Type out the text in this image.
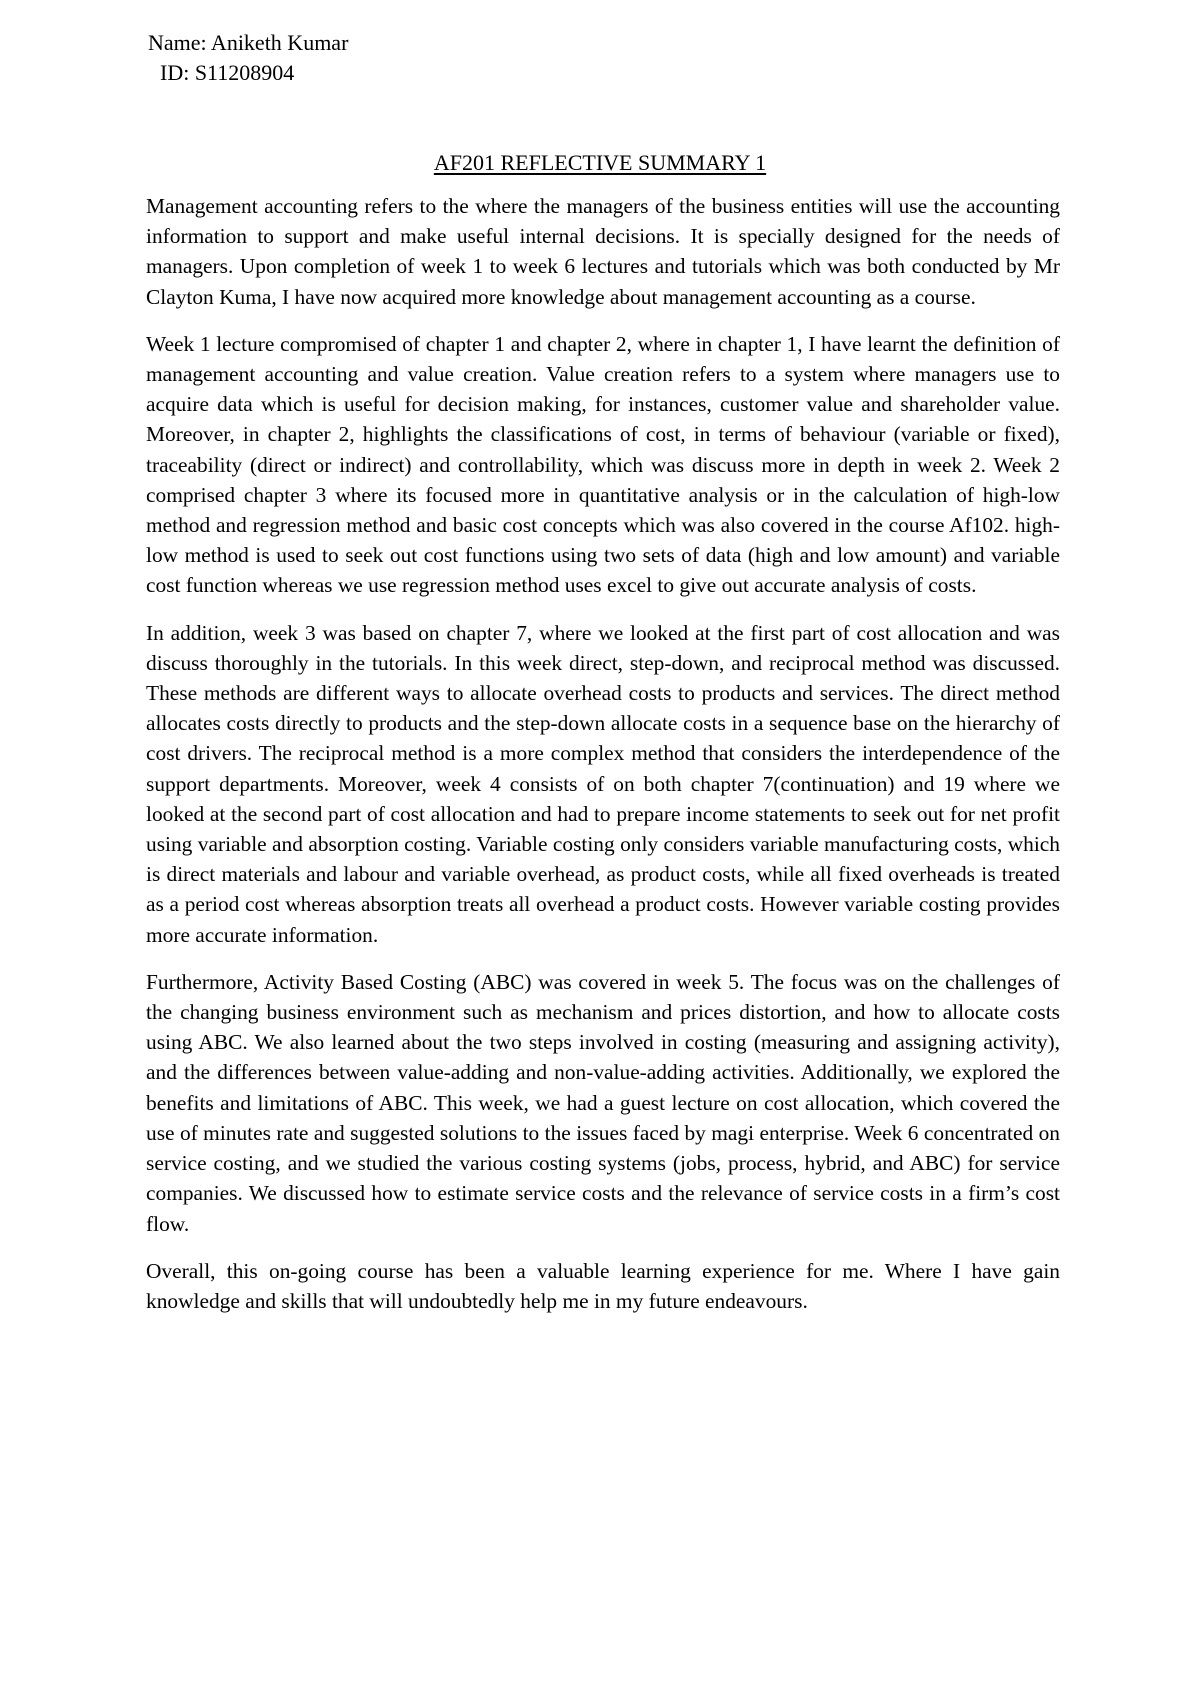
Name: Aniketh Kumar
ID: S11208904
AF201 REFLECTIVE SUMMARY 1

Management accounting refers to the where the managers of the business entities will use the accounting information to support and make useful internal decisions. It is specially designed for the needs of managers. Upon completion of week 1 to week 6 lectures and tutorials which was both conducted by Mr Clayton Kuma, I have now acquired more knowledge about management accounting as a course.

Week 1 lecture compromised of chapter 1 and chapter 2, where in chapter 1, I have learnt the definition of management accounting and value creation. Value creation refers to a system where managers use to acquire data which is useful for decision making, for instances, customer value and shareholder value. Moreover, in chapter 2, highlights the classifications of cost, in terms of behaviour (variable or fixed), traceability (direct or indirect) and controllability, which was discuss more in depth in week 2. Week 2 comprised chapter 3 where its focused more in quantitative analysis or in the calculation of high-low method and regression method and basic cost concepts which was also covered in the course Af102. high-low method is used to seek out cost functions using two sets of data (high and low amount) and variable cost function whereas we use regression method uses excel to give out accurate analysis of costs.

In addition, week 3 was based on chapter 7, where we looked at the first part of cost allocation and was discuss thoroughly in the tutorials. In this week direct, step-down, and reciprocal method was discussed. These methods are different ways to allocate overhead costs to products and services. The direct method allocates costs directly to products and the step-down allocate costs in a sequence base on the hierarchy of cost drivers. The reciprocal method is a more complex method that considers the interdependence of the support departments. Moreover, week 4 consists of on both chapter 7(continuation) and 19 where we looked at the second part of cost allocation and had to prepare income statements to seek out for net profit using variable and absorption costing. Variable costing only considers variable manufacturing costs, which is direct materials and labour and variable overhead, as product costs, while all fixed overheads is treated as a period cost whereas absorption treats all overhead a product costs. However variable costing provides more accurate information.

Furthermore, Activity Based Costing (ABC) was covered in week 5. The focus was on the challenges of the changing business environment such as mechanism and prices distortion, and how to allocate costs using ABC. We also learned about the two steps involved in costing (measuring and assigning activity), and the differences between value-adding and non-value-adding activities. Additionally, we explored the benefits and limitations of ABC. This week, we had a guest lecture on cost allocation, which covered the use of minutes rate and suggested solutions to the issues faced by magi enterprise. Week 6 concentrated on service costing, and we studied the various costing systems (jobs, process, hybrid, and ABC) for service companies. We discussed how to estimate service costs and the relevance of service costs in a firm’s cost flow.

Overall, this on-going course has been a valuable learning experience for me. Where I have gain knowledge and skills that will undoubtedly help me in my future endeavours.
